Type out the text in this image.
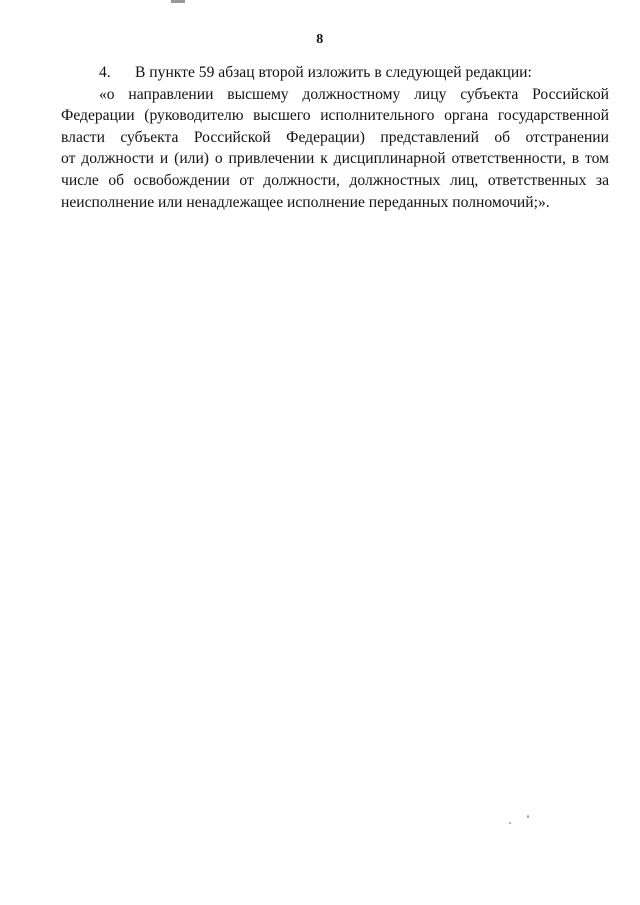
8
4. В пункте 59 абзац второй изложить в следующей редакции:
«о направлении высшему должностному лицу субъекта Российской
Федерации (руководителю высшего исполнительного органа государственной
власти субъекта Российской Федерации) представлений об отстранении
от должности и (или) о привлечении к дисциплинарной ответственности, в том
числе об освобождении от должности, должностных лиц, ответственных за
неисполнение или ненадлежащее исполнение переданных полномочий;».
